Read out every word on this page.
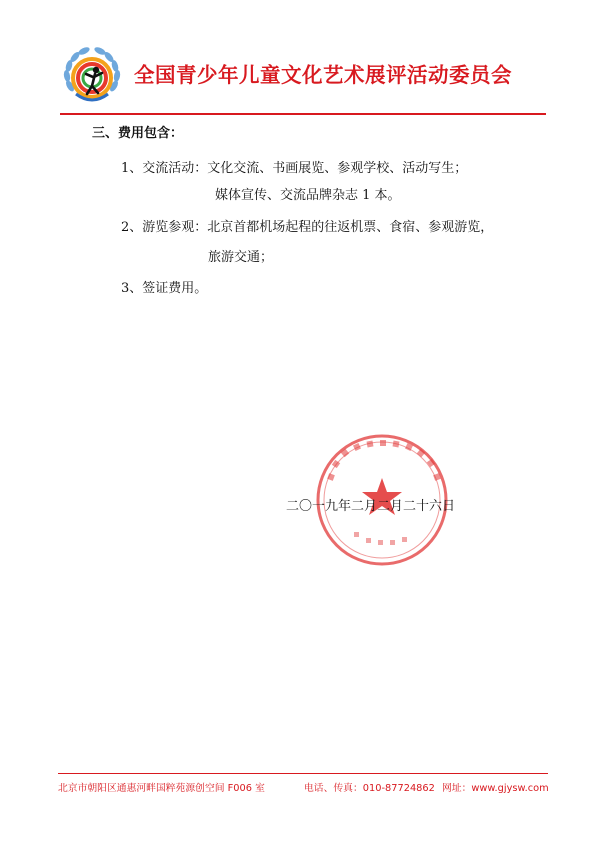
全国青少年儿童文化艺术展评活动委员会
三、费用包含：
1、交流活动：文化交流、书画展览、参观学校、活动写生；
媒体宣传、交流品牌杂志 1 本。
2、游览参观：北京首都机场起程的往返机票、食宿、参观游览，
旅游交通；
3、签证费用。
二〇一九年二月二月二十六日
北京市朝阳区通惠河畔国粹苑源创空间 F006 室	电话、传真：010-87724862 网址：www.gjysw.com
